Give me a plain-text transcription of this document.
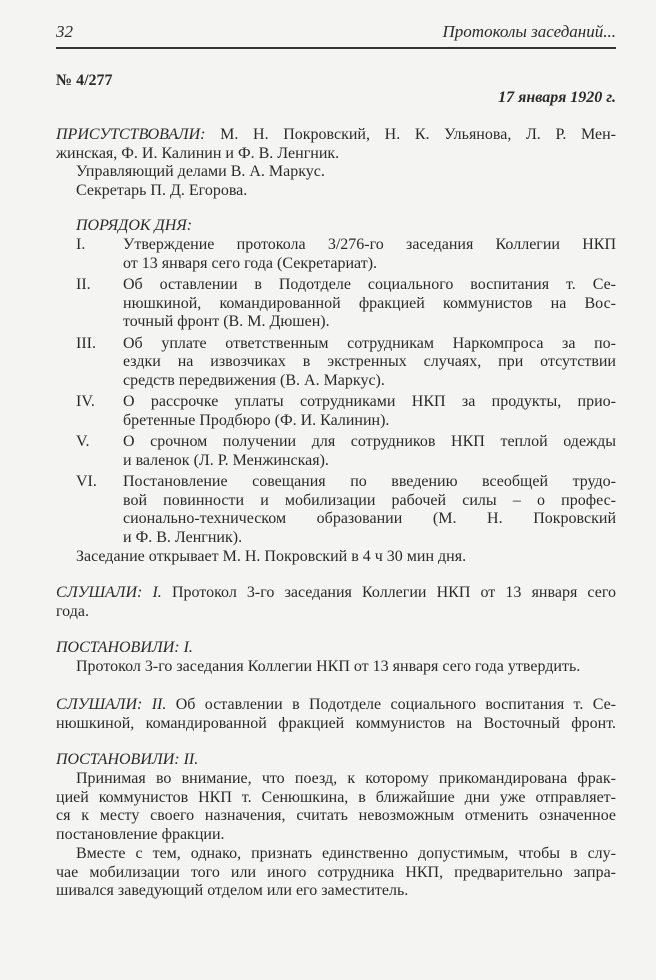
32	Протоколы заседаний...
№ 4/277
17 января 1920 г.
ПРИСУТСТВОВАЛИ: М. Н. Покровский, Н. К. Ульянова, Л. Р. Мен-
жинская, Ф. И. Калинин и Ф. В. Ленгник.
Управляющий делами В. А. Маркус.
Секретарь П. Д. Егорова.
ПОРЯДОК ДНЯ:
I. Утверждение протокола 3/276-го заседания Коллегии НКП
от 13 января сего года (Секретариат).
II. Об оставлении в Подотделе социального воспитания т. Се-
нюшкиной, командированной фракцией коммунистов на Вос-
точный фронт (В. М. Дюшен).
III. Об уплате ответственным сотрудникам Наркомпроса за по-
ездки на извозчиках в экстренных случаях, при отсутствии
средств передвижения (В. А. Маркус).
IV. О рассрочке уплаты сотрудниками НКП за продукты, прио-
бретенные Продбюро (Ф. И. Калинин).
V. О срочном получении для сотрудников НКП теплой одежды
и валенок (Л. Р. Менжинская).
VI. Постановление совещания по введению всеобщей трудо-
вой повинности и мобилизации рабочей силы – о профес-
сионально-техническом образовании (М. Н. Покровский
и Ф. В. Ленгник).
Заседание открывает М. Н. Покровский в 4 ч 30 мин дня.
СЛУШАЛИ: I. Протокол 3-го заседания Коллегии НКП от 13 января сего
года.
ПОСТАНОВИЛИ: I.
Протокол 3-го заседания Коллегии НКП от 13 января сего года утвердить.
СЛУШАЛИ: II. Об оставлении в Подотделе социального воспитания т. Се-
нюшкиной, командированной фракцией коммунистов на Восточный фронт.
ПОСТАНОВИЛИ: II.
Принимая во внимание, что поезд, к которому прикомандирована фрак-
цией коммунистов НКП т. Сенюшкина, в ближайшие дни уже отправляет-
ся к месту своего назначения, считать невозможным отменить означенное
постановление фракции.
Вместе с тем, однако, признать единственно допустимым, чтобы в слу-
чае мобилизации того или иного сотрудника НКП, предварительно запра-
шивался заведующий отделом или его заместитель.
